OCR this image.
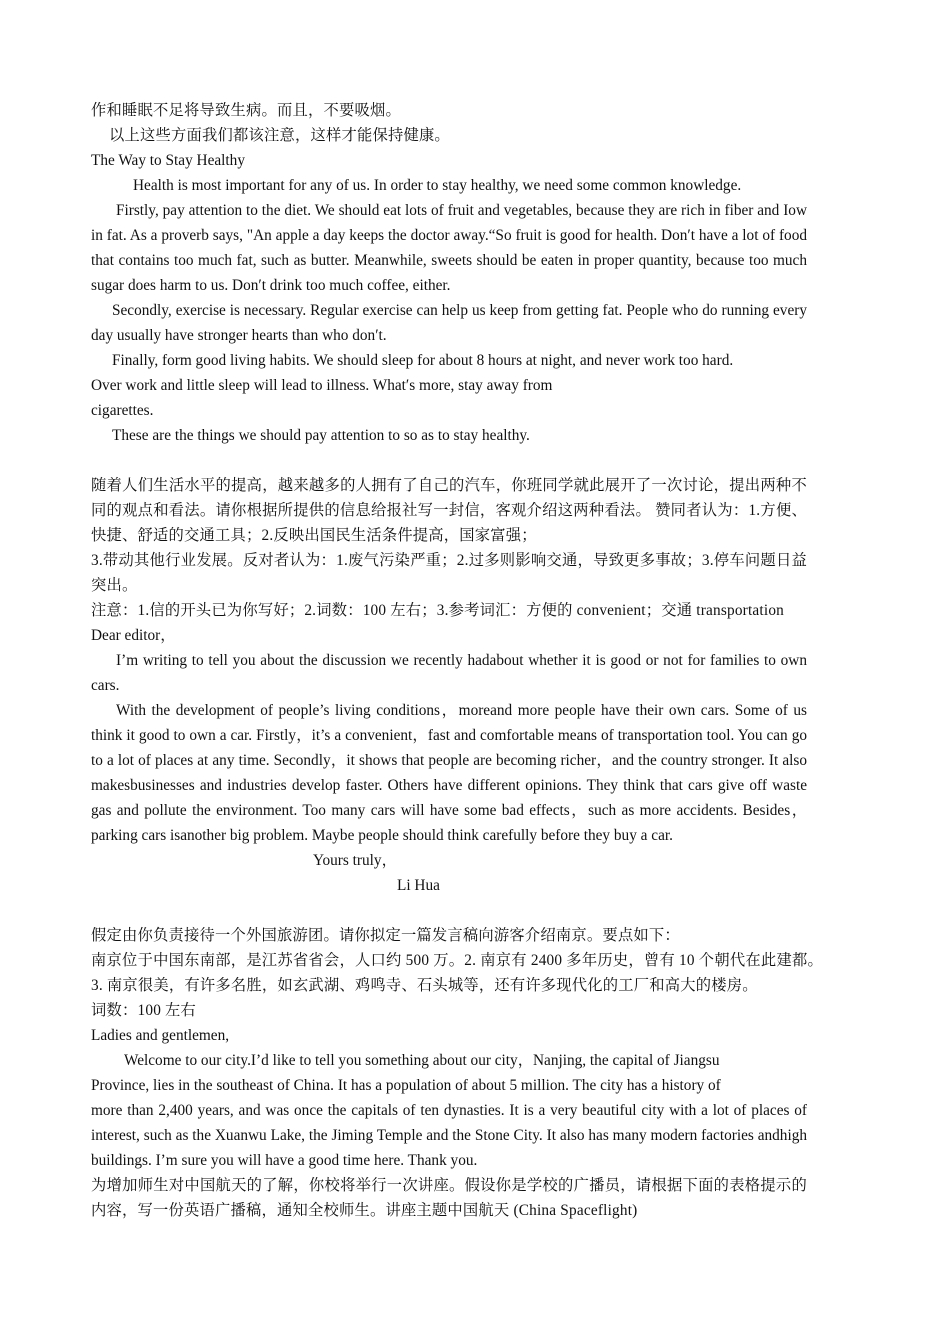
作和睡眠不足将导致生病。而且，不要吸烟。

以上这些方面我们都该注意，这样才能保持健康。

The Way to Stay Healthy

Health is most important for any of us. In order to stay healthy, we need some common knowledge.

Firstly, pay attention to the diet. We should eat lots of fruit and vegetables, because they are rich in fiber and Iow in fat. As a proverb says, "An apple a day keeps the doctor away.“So fruit is good for health. Don′t have a lot of food that contains too much fat, such as butter. Meanwhile, sweets should be eaten in proper quantity, because too much sugar does harm to us. Don′t drink too much coffee, either.

Secondly, exercise is necessary. Regular exercise can help us keep from getting fat. People who do running every day usually have stronger hearts than who don′t.

Finally, form good living habits. We should sleep for about 8 hours at night, and never work too hard.

Over work and little sleep will lead to illness. What′s more, stay away from

cigarettes.

These are the things we should pay attention to so as to stay healthy.

随着人们生活水平的提高，越来越多的人拥有了自己的汽车，你班同学就此展开了一次讨论，提出两种不同的观点和看法。请你根据所提供的信息给报社写一封信，客观介绍这两种看法。 赞同者认为：1.方便、快捷、舒适的交通工具；2.反映出国民生活条件提高，国家富强；

3.带动其他行业发展。反对者认为：1.废气污染严重；2.过多则影响交通，导致更多事故；3.停车问题日益突出。

注意：1.信的开头已为你写好；2.词数：100 左右；3.参考词汇：方便的 convenient；交通 transportation

Dear editor，

I’m writing to tell you about the discussion we recently hadabout whether it is good or not for families to own cars.

With the development of people’s living conditions，moreand more people have their own cars. Some of us think it good to own a car. Firstly，it’s a convenient，fast and comfortable means of transportation tool. You can go to a lot of places at any time. Secondly，it shows that people are becoming richer，and the country stronger. It also makesbusinesses and industries develop faster. Others have different opinions. They think that cars give off waste gas and pollute the environment. Too many cars will have some bad effects，such as more accidents. Besides，parking cars isanother big problem. Maybe people should think carefully before they buy a car.

Yours truly，

Li Hua

假定由你负责接待一个外国旅游团。请你拟定一篇发言稿向游客介绍南京。要点如下：

南京位于中国东南部，是江苏省省会，人口约 500 万。2. 南京有 2400 多年历史，曾有 10 个朝代在此建都。3. 南京很美，有许多名胜，如玄武湖、鸡鸣寺、石头城等，还有许多现代化的工厂和高大的楼房。

词数：100 左右

Ladies and gentlemen,

Welcome to our city.I’d like to tell you something about our city，Nanjing, the capital of Jiangsu

Province, lies in the southeast of China. It has a population of about 5 million. The city has a history of

more than 2,400 years, and was once the capitals of ten dynasties. It is a very beautiful city with a lot of places of interest, such as the Xuanwu Lake, the Jiming Temple and the Stone City. It also has many modern factories andhigh buildings. I’m sure you will have a good time here. Thank you.

为增加师生对中国航天的了解，你校将举行一次讲座。假设你是学校的广播员，请根据下面的表格提示的内容，写一份英语广播稿，通知全校师生。讲座主题中国航天 (China Spaceflight)
